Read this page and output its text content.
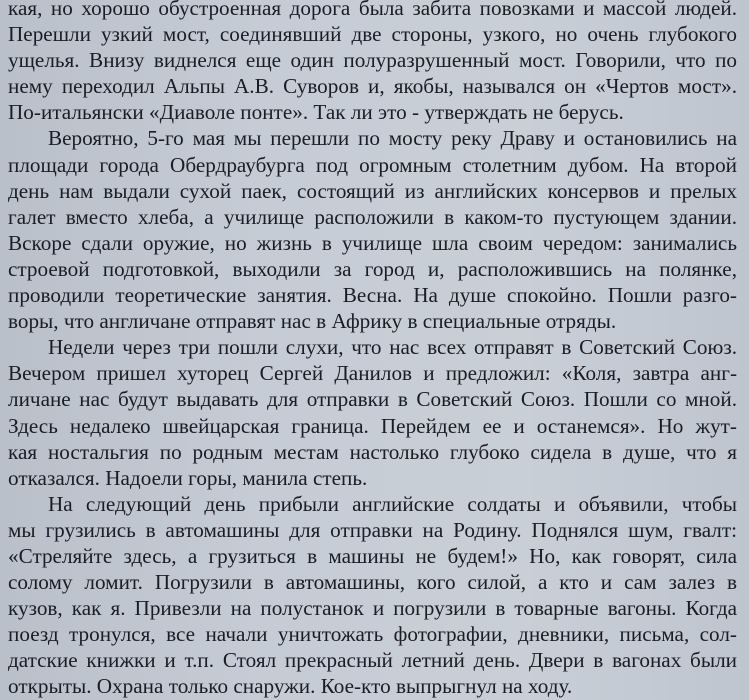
кая, но хорошо обустроенная дорога была забита повозками и массой людей.
Перешли узкий мост, соединявший две стороны, узкого, но очень глубокого
ущелья. Внизу виднелся еще один полуразрушенный мост. Говорили, что по
нему переходил Альпы А.В. Суворов и, якобы, назывался он «Чертов мост».
По-итальянски «Диаволе понте». Так ли это - утверждать не берусь.

Вероятно, 5-го мая мы перешли по мосту реку Драву и остановились на
площади города Обердраубурга под огромным столетним дубом. На второй
день нам выдали сухой паек, состоящий из английских консервов и прелых
галет вместо хлеба, а училище расположили в каком-то пустующем здании.
Вскоре сдали оружие, но жизнь в училище шла своим чередом: занимались
строевой подготовкой, выходили за город и, расположившись на полянке,
проводили теоретические занятия. Весна. На душе спокойно. Пошли разго-
воры, что англичане отправят нас в Африку в специальные отряды.

Недели через три пошли слухи, что нас всех отправят в Советский Союз.
Вечером пришел хуторец Сергей Данилов и предложил: «Коля, завтра анг-
личане нас будут выдавать для отправки в Советский Союз. Пошли со мной.
Здесь недалеко швейцарская граница. Перейдем ее и останемся». Но жут-
кая ностальгия по родным местам настолько глубоко сидела в душе, что я
отказался. Надоели горы, манила степь.

На следующий день прибыли английские солдаты и объявили, чтобы
мы грузились в автомашины для отправки на Родину. Поднялся шум, гвалт:
«Стреляйте здесь, а грузиться в машины не будем!» Но, как говорят, сила
солому ломит. Погрузили в автомашины, кого силой, а кто и сам залез в
кузов, как я. Привезли на полустанок и погрузили в товарные вагоны. Когда
поезд тронулся, все начали уничтожать фотографии, дневники, письма, сол-
датские книжки и т.п. Стоял прекрасный летний день. Двери в вагонах были
открыты. Охрана только снаружи. Кое-кто выпрыгнул на ходу.
